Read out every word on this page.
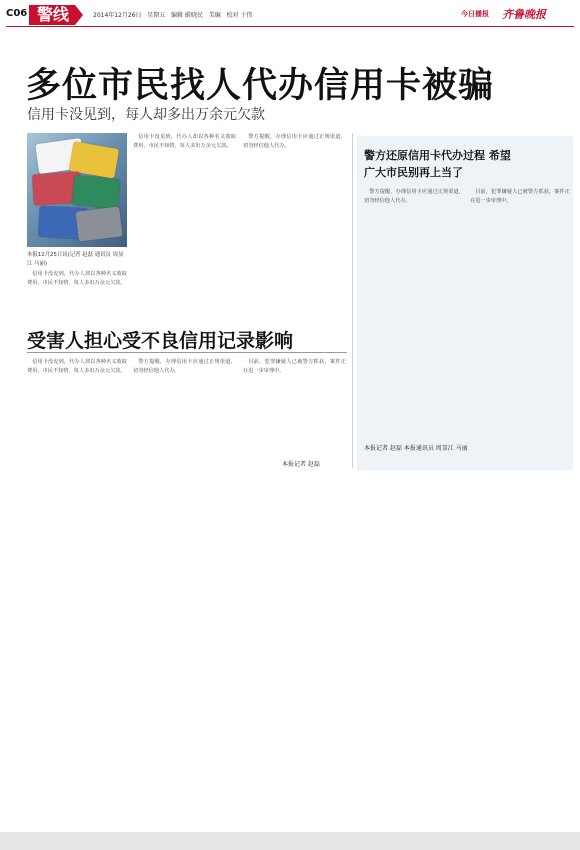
C06 警线	2014年12月26日 星期五 编辑 蔚晓民 美编 校对 于伟	今日播报 齐鲁晚报
多位市民找人代办信用卡被骗
信用卡没见到，每人却多出万余元欠款
本报12月25日讯(记者 赵磊 通讯员 周显江 马丽)

信用卡没见到，代办人却以各种名义收取费用，市民不知情，每人多出万余元欠款。

信用卡没见到，代办人却以各种名义收取费用，市民不知情，每人多出万余元欠款。

警方提醒，办理信用卡应通过正规渠道，切勿轻信他人代办。

警方还原信用卡代办过程 希望广大市民别再上当了

警方提醒，办理信用卡应通过正规渠道，切勿轻信他人代办。

目前，犯罪嫌疑人已被警方抓获，案件正在进一步审理中。

本报记者 赵磊 本报通讯员 周显江 马丽
受害人担心受不良信用记录影响

信用卡没见到，代办人却以各种名义收取费用，市民不知情，每人多出万余元欠款。

警方提醒，办理信用卡应通过正规渠道，切勿轻信他人代办。

目前，犯罪嫌疑人已被警方抓获，案件正在进一步审理中。

本报记者 赵磊
